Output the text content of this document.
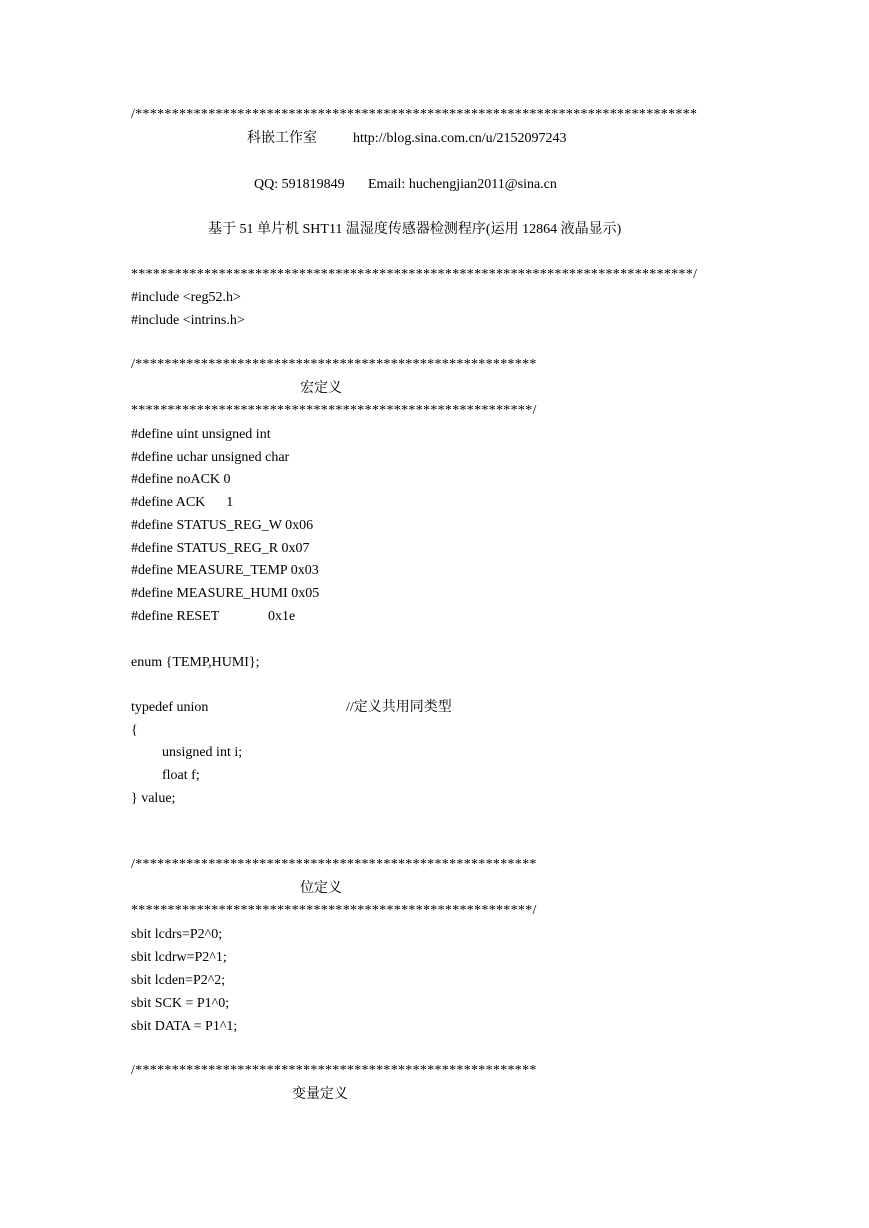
/*****************************************************************************
科嵌工作室	http://blog.sina.com.cn/u/2152097243
QQ: 591819849 Email: huchengjian2011@sina.cn
基于 51 单片机 SHT11 温湿度传感器检测程序(运用 12864 液晶显示)
*****************************************************************************/
#include <reg52.h>
#include <intrins.h>
/*******************************************************
宏定义
*******************************************************/
#define uint unsigned int
#define uchar unsigned char
#define noACK 0
#define ACK      1
#define STATUS_REG_W 0x06
#define STATUS_REG_R 0x07
#define MEASURE_TEMP 0x03
#define MEASURE_HUMI 0x05
#define RESET              0x1e
enum {TEMP,HUMI};
typedef union	//定义共用同类型
{
unsigned int i;
float f;
} value;
/*******************************************************
位定义
*******************************************************/
sbit lcdrs=P2^0;
sbit lcdrw=P2^1;
sbit lcden=P2^2;
sbit SCK = P1^0;
sbit DATA = P1^1;
/*******************************************************
变量定义
